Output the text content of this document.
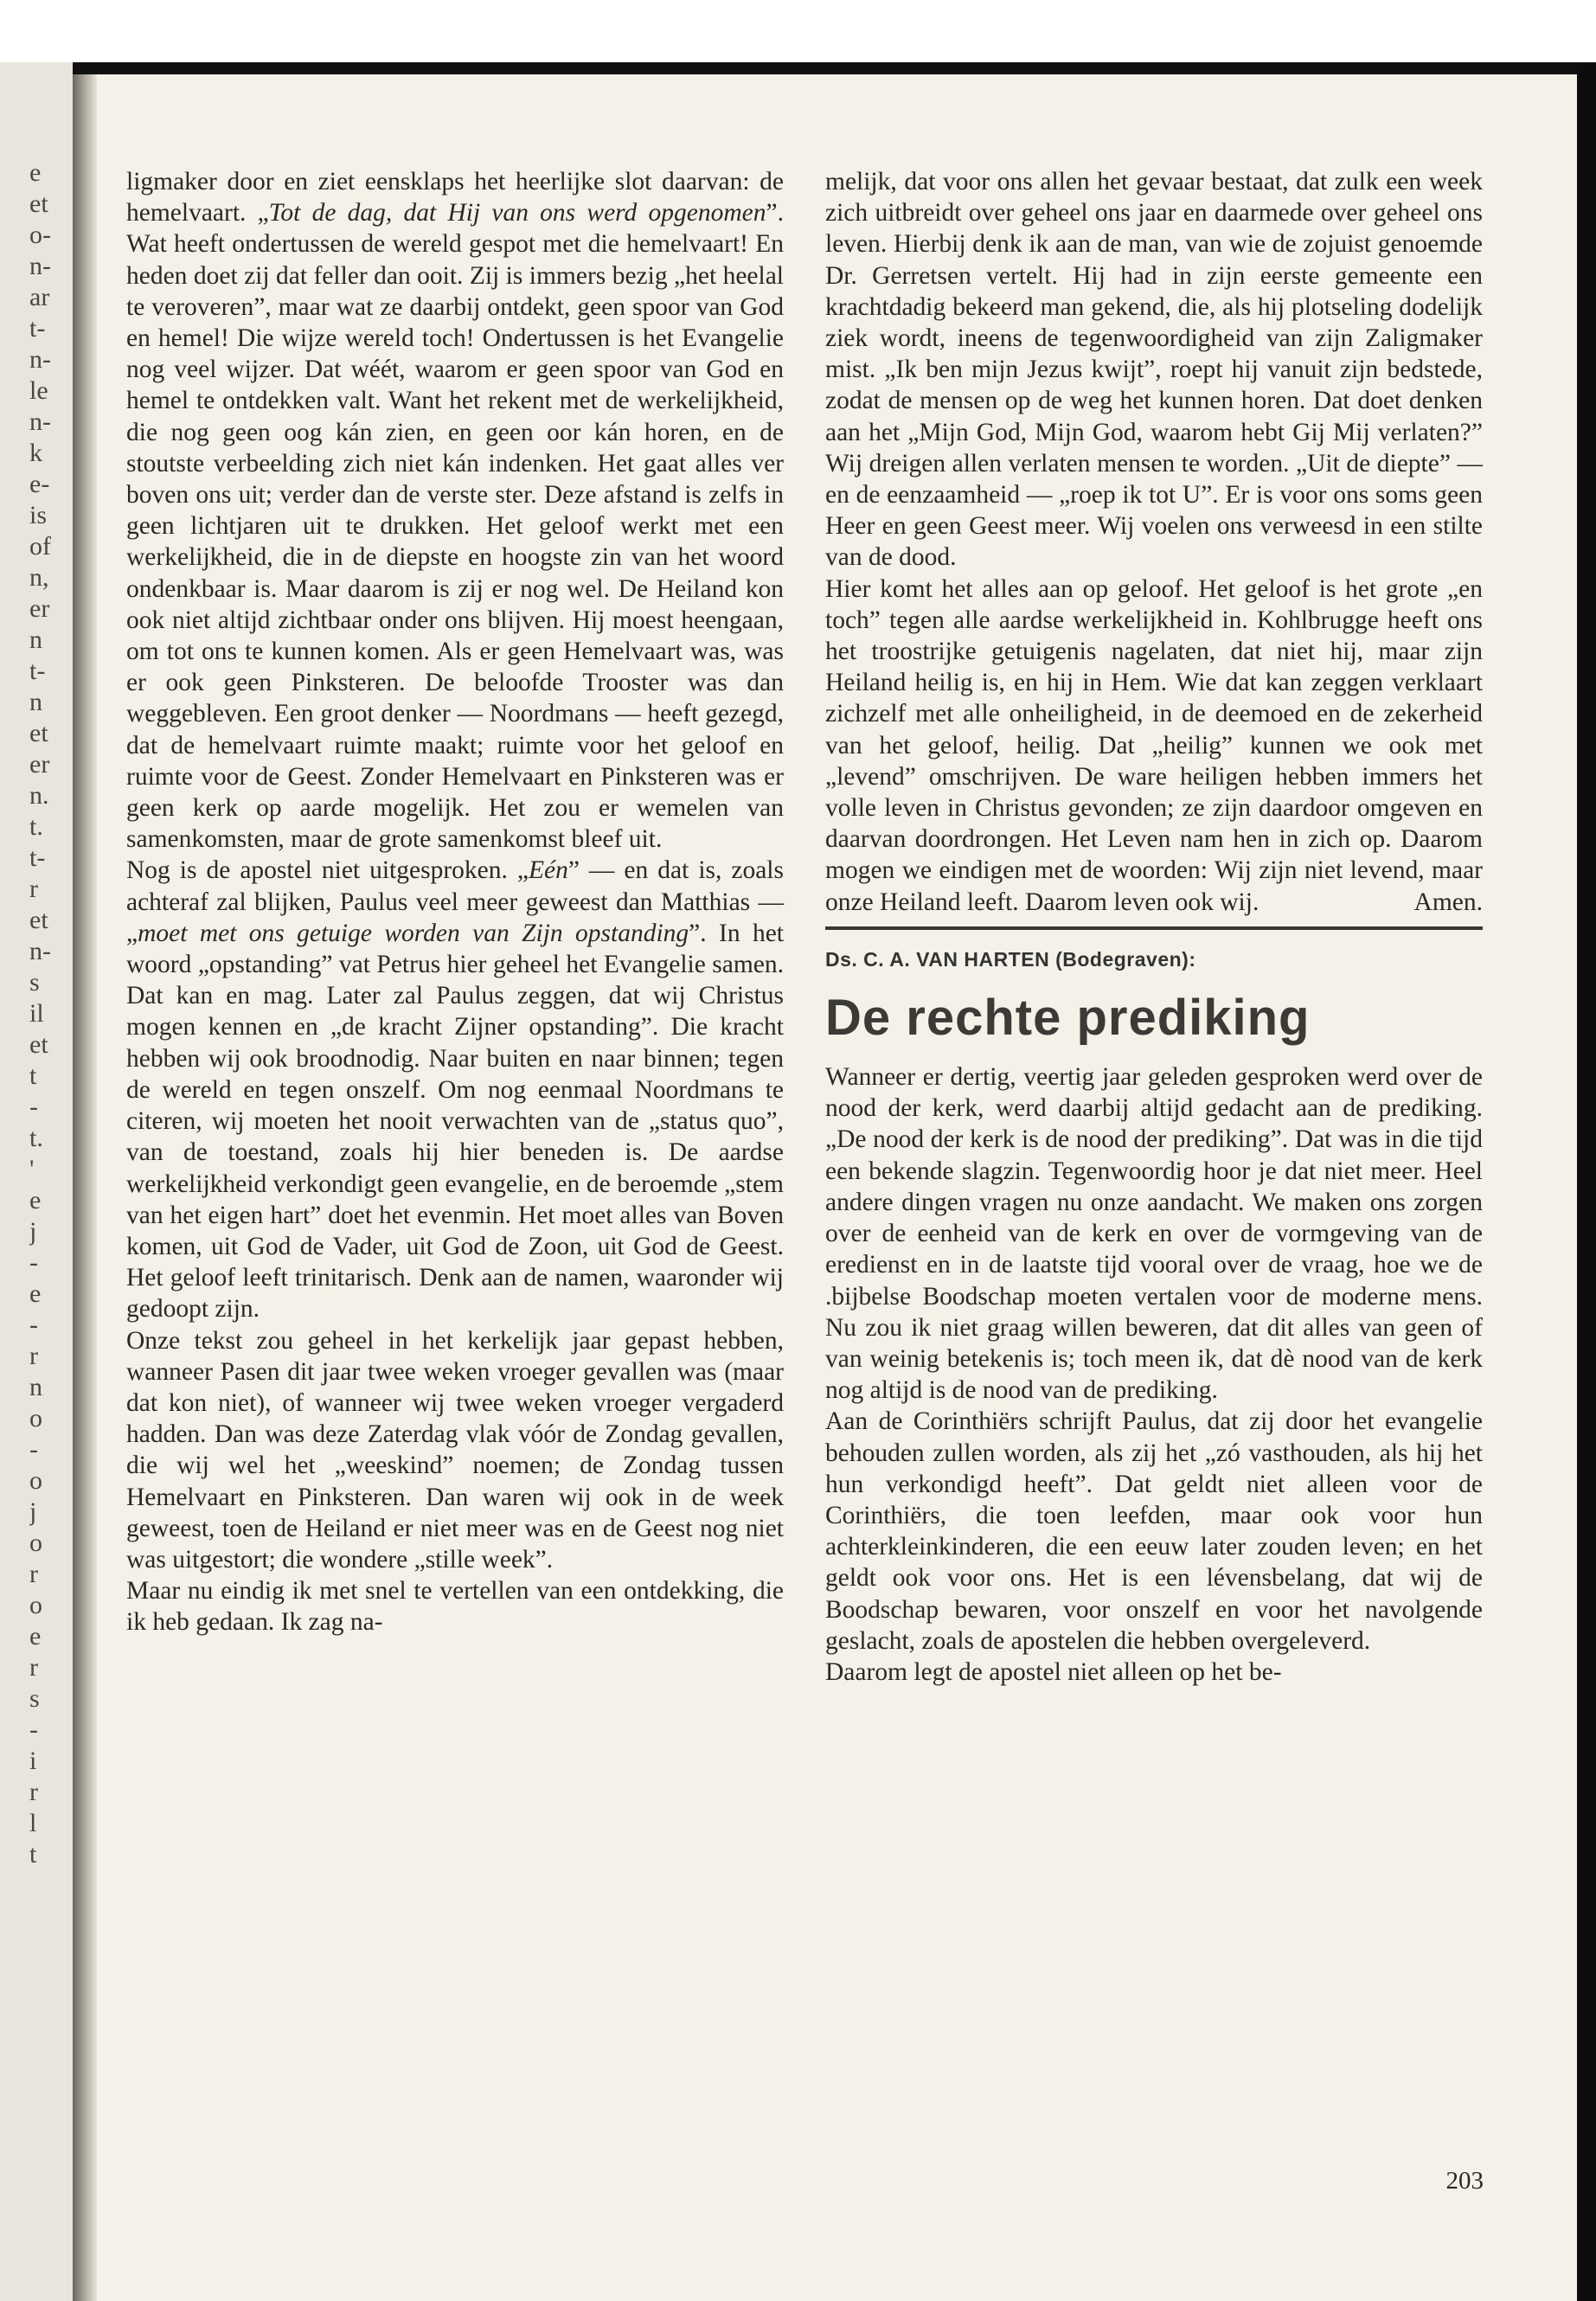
e
et
o-
n-
ar
t-
n-
le
n-
k
e-
is
of
n,
er
n
t-
n
et
er
n.
t.
t-
r
et
n-
s
il
et
t
-
t.
'
e
j
-
e
-
r
n
o
-
o
j
o
r
o
e
r
s
-
i
r
l
t

ligmaker door en ziet eensklaps het heerlijke slot daarvan: de hemelvaart. „Tot de dag, dat Hij van ons werd opgenomen”. Wat heeft ondertussen de wereld gespot met die hemelvaart! En heden doet zij dat feller dan ooit. Zij is immers bezig „het heelal te veroveren”, maar wat ze daarbij ontdekt, geen spoor van God en hemel! Die wijze wereld toch! Ondertussen is het Evangelie nog veel wijzer. Dat wéét, waarom er geen spoor van God en hemel te ontdekken valt. Want het rekent met de werkelijkheid, die nog geen oog kán zien, en geen oor kán horen, en de stoutste verbeelding zich niet kán indenken. Het gaat alles ver boven ons uit; verder dan de verste ster. Deze afstand is zelfs in geen lichtjaren uit te drukken. Het geloof werkt met een werkelijkheid, die in de diepste en hoogste zin van het woord ondenkbaar is. Maar daarom is zij er nog wel. De Heiland kon ook niet altijd zichtbaar onder ons blijven. Hij moest heengaan, om tot ons te kunnen komen. Als er geen Hemelvaart was, was er ook geen Pinksteren. De beloofde Trooster was dan weggebleven. Een groot denker — Noordmans — heeft gezegd, dat de hemelvaart ruimte maakt; ruimte voor het geloof en ruimte voor de Geest. Zonder Hemelvaart en Pinksteren was er geen kerk op aarde mogelijk. Het zou er wemelen van samenkomsten, maar de grote samenkomst bleef uit.

Nog is de apostel niet uitgesproken. „Eén” — en dat is, zoals achteraf zal blijken, Paulus veel meer geweest dan Matthias — „moet met ons getuige worden van Zijn opstanding”. In het woord „opstanding” vat Petrus hier geheel het Evangelie samen. Dat kan en mag. Later zal Paulus zeggen, dat wij Christus mogen kennen en „de kracht Zijner opstanding”. Die kracht hebben wij ook broodnodig. Naar buiten en naar binnen; tegen de wereld en tegen onszelf. Om nog eenmaal Noordmans te citeren, wij moeten het nooit verwachten van de „status quo”, van de toestand, zoals hij hier beneden is. De aardse werkelijkheid verkondigt geen evangelie, en de beroemde „stem van het eigen hart” doet het evenmin. Het moet alles van Boven komen, uit God de Vader, uit God de Zoon, uit God de Geest. Het geloof leeft trinitarisch. Denk aan de namen, waaronder wij gedoopt zijn.

Onze tekst zou geheel in het kerkelijk jaar gepast hebben, wanneer Pasen dit jaar twee weken vroeger gevallen was (maar dat kon niet), of wanneer wij twee weken vroeger vergaderd hadden. Dan was deze Zaterdag vlak vóór de Zondag gevallen, die wij wel het „weeskind” noemen; de Zondag tussen Hemelvaart en Pinksteren. Dan waren wij ook in de week geweest, toen de Heiland er niet meer was en de Geest nog niet was uitgestort; die wondere „stille week”.

Maar nu eindig ik met snel te vertellen van een ontdekking, die ik heb gedaan. Ik zag na-

melijk, dat voor ons allen het gevaar bestaat, dat zulk een week zich uitbreidt over geheel ons jaar en daarmede over geheel ons leven. Hierbij denk ik aan de man, van wie de zojuist genoemde Dr. Gerretsen vertelt. Hij had in zijn eerste gemeente een krachtdadig bekeerd man gekend, die, als hij plotseling dodelijk ziek wordt, ineens de tegenwoordigheid van zijn Zaligmaker mist. „Ik ben mijn Jezus kwijt”, roept hij vanuit zijn bedstede, zodat de mensen op de weg het kunnen horen. Dat doet denken aan het „Mijn God, Mijn God, waarom hebt Gij Mij verlaten?” Wij dreigen allen verlaten mensen te worden. „Uit de diepte” — en de eenzaamheid — „roep ik tot U”. Er is voor ons soms geen Heer en geen Geest meer. Wij voelen ons verweesd in een stilte van de dood.

Hier komt het alles aan op geloof. Het geloof is het grote „en toch” tegen alle aardse werkelijkheid in. Kohlbrugge heeft ons het troostrijke getuigenis nagelaten, dat niet hij, maar zijn Heiland heilig is, en hij in Hem. Wie dat kan zeggen verklaart zichzelf met alle onheiligheid, in de deemoed en de zekerheid van het geloof, heilig. Dat „heilig” kunnen we ook met „levend” omschrijven. De ware heiligen hebben immers het volle leven in Christus gevonden; ze zijn daardoor omgeven en daarvan doordrongen. Het Leven nam hen in zich op. Daarom mogen we eindigen met de woorden: Wij zijn niet levend, maar onze Heiland leeft. Daarom leven ook wij.	Amen.

Ds. C. A. VAN HARTEN (Bodegraven):
De rechte prediking

Wanneer er dertig, veertig jaar geleden gesproken werd over de nood der kerk, werd daarbij altijd gedacht aan de prediking. „De nood der kerk is de nood der prediking”. Dat was in die tijd een bekende slagzin. Tegenwoordig hoor je dat niet meer. Heel andere dingen vragen nu onze aandacht. We maken ons zorgen over de eenheid van de kerk en over de vormgeving van de eredienst en in de laatste tijd vooral over de vraag, hoe we de .bijbelse Boodschap moeten vertalen voor de moderne mens. Nu zou ik niet graag willen beweren, dat dit alles van geen of van weinig betekenis is; toch meen ik, dat dè nood van de kerk nog altijd is de nood van de prediking.

Aan de Corinthiërs schrijft Paulus, dat zij door het evangelie behouden zullen worden, als zij het „zó vasthouden, als hij het hun verkondigd heeft”. Dat geldt niet alleen voor de Corinthiërs, die toen leefden, maar ook voor hun achterkleinkinderen, die een eeuw later zouden leven; en het geldt ook voor ons. Het is een lévensbelang, dat wij de Boodschap bewaren, voor onszelf en voor het navolgende geslacht, zoals de apostelen die hebben overgeleverd.

Daarom legt de apostel niet alleen op het be-

203
